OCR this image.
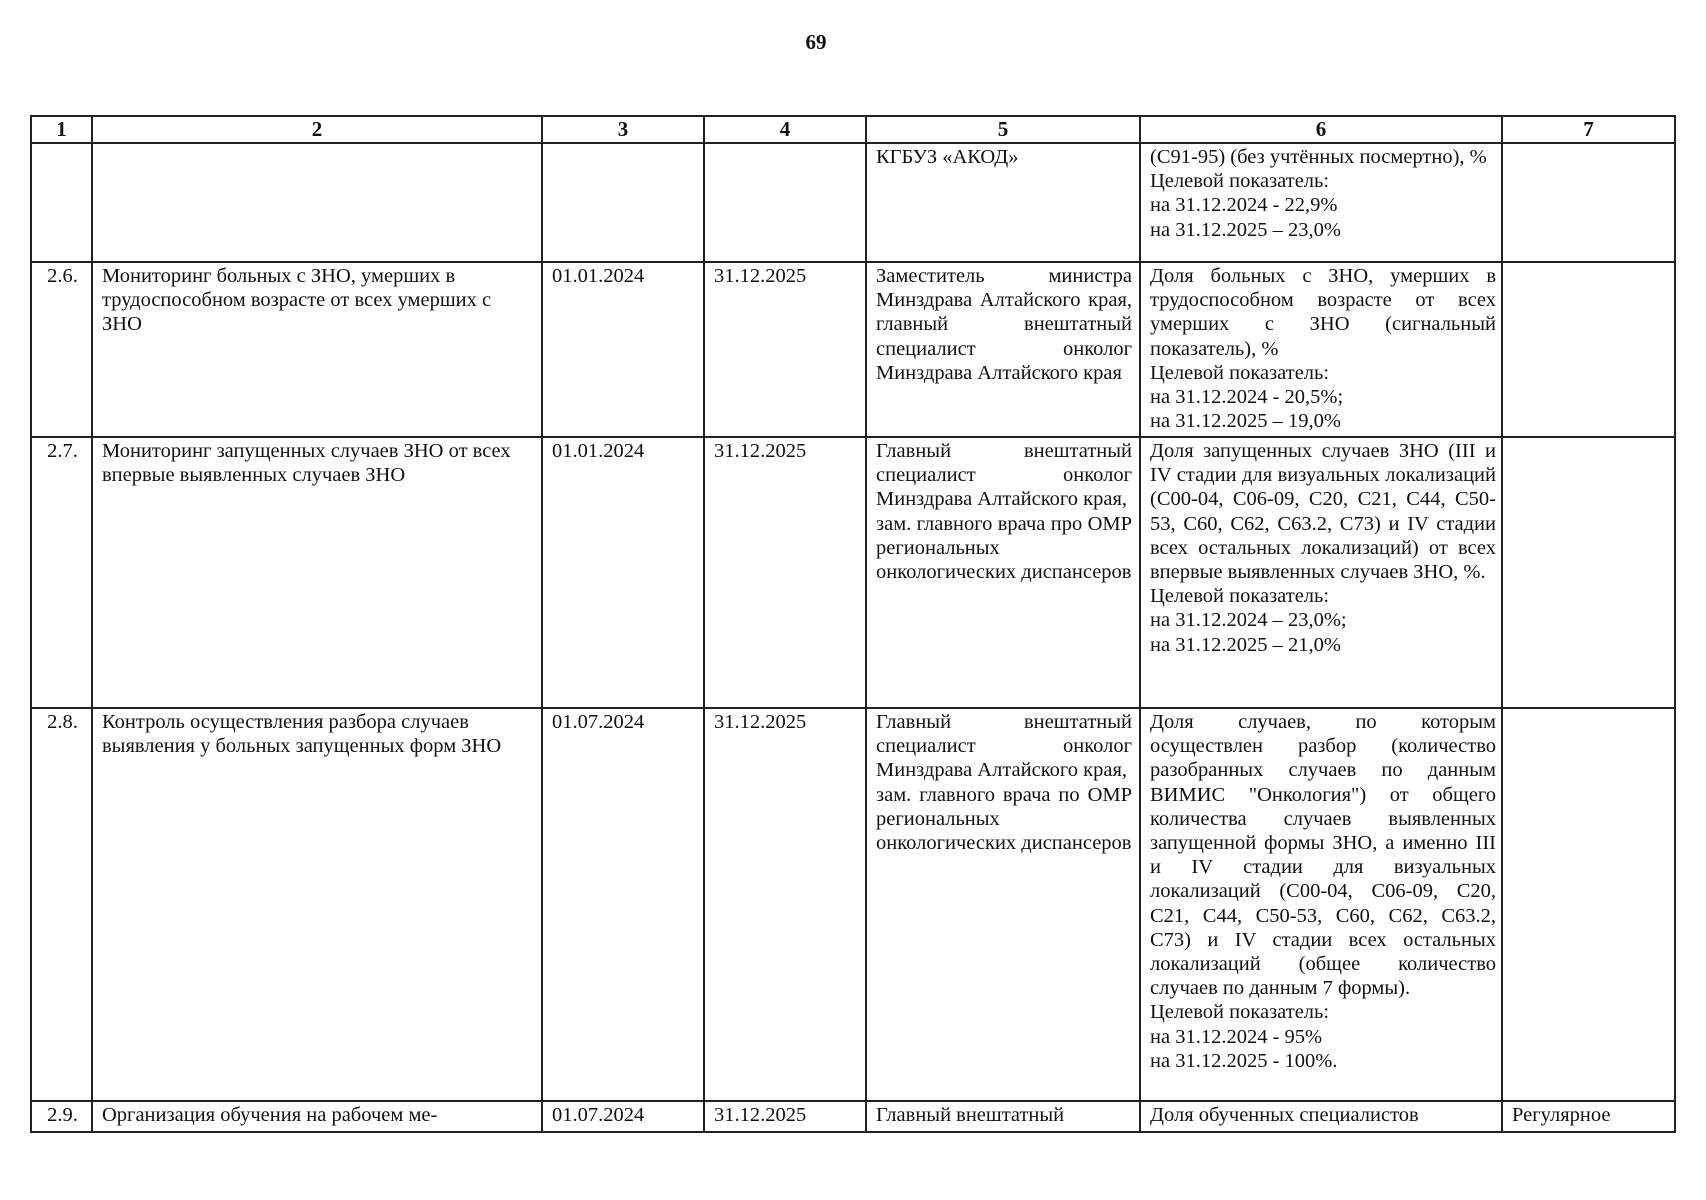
69
1	2	3	4	5	6	7
				КГБУЗ «АКОД»	(С91-95) (без учтённых посмертно), %
Целевой показатель:
на 31.12.2024 - 22,9%
на 31.12.2025 – 23,0%	
2.6.	Мониторинг больных с ЗНО, умерших в трудоспособном возрасте от всех умерших с ЗНО	01.01.2024	31.12.2025	Заместитель министра Минздрава Алтайского края, главный внештатный специалист онколог Минздрава Алтайского края	Доля больных с ЗНО, умерших в трудоспособном возрасте от всех умерших с ЗНО (сигнальный показатель), %
Целевой показатель:
на 31.12.2024 - 20,5%;
на 31.12.2025 – 19,0%	
2.7.	Мониторинг запущенных случаев ЗНО от всех впервые выявленных случаев ЗНО	01.01.2024	31.12.2025	Главный внештатный специалист онколог Минздрава Алтайского края,
зам. главного врача про ОМР региональных онкологических диспансеров	Доля запущенных случаев ЗНО (III и IV стадии для визуальных локализаций (С00-04, С06-09, С20, С21, С44, С50-53, С60, С62, С63.2, С73) и IV стадии всех остальных локализаций) от всех впервые выявленных случаев ЗНО, %.
Целевой показатель:
на 31.12.2024 – 23,0%;
на 31.12.2025 – 21,0%	
2.8.	Контроль осуществления разбора случаев выявления у больных запущенных форм ЗНО	01.07.2024	31.12.2025	Главный внештатный специалист онколог Минздрава Алтайского края,
зам. главного врача по ОМР региональных онкологических диспансеров	Доля случаев, по которым осуществлен разбор (количество разобранных случаев по данным ВИМИС "Онкология") от общего количества случаев выявленных запущенной формы ЗНО, а именно III и IV стадии для визуальных локализаций (С00-04, С06-09, С20, С21, С44, С50-53, С60, С62, С63.2, С73) и IV стадии всех остальных локализаций (общее количество случаев по данным 7 формы).
Целевой показатель:
на 31.12.2024 - 95%
на 31.12.2025 - 100%.	
2.9.	Организация обучения на рабочем ме-	01.07.2024	31.12.2025	Главный внештатный	Доля обученных специалистов	Регулярное
